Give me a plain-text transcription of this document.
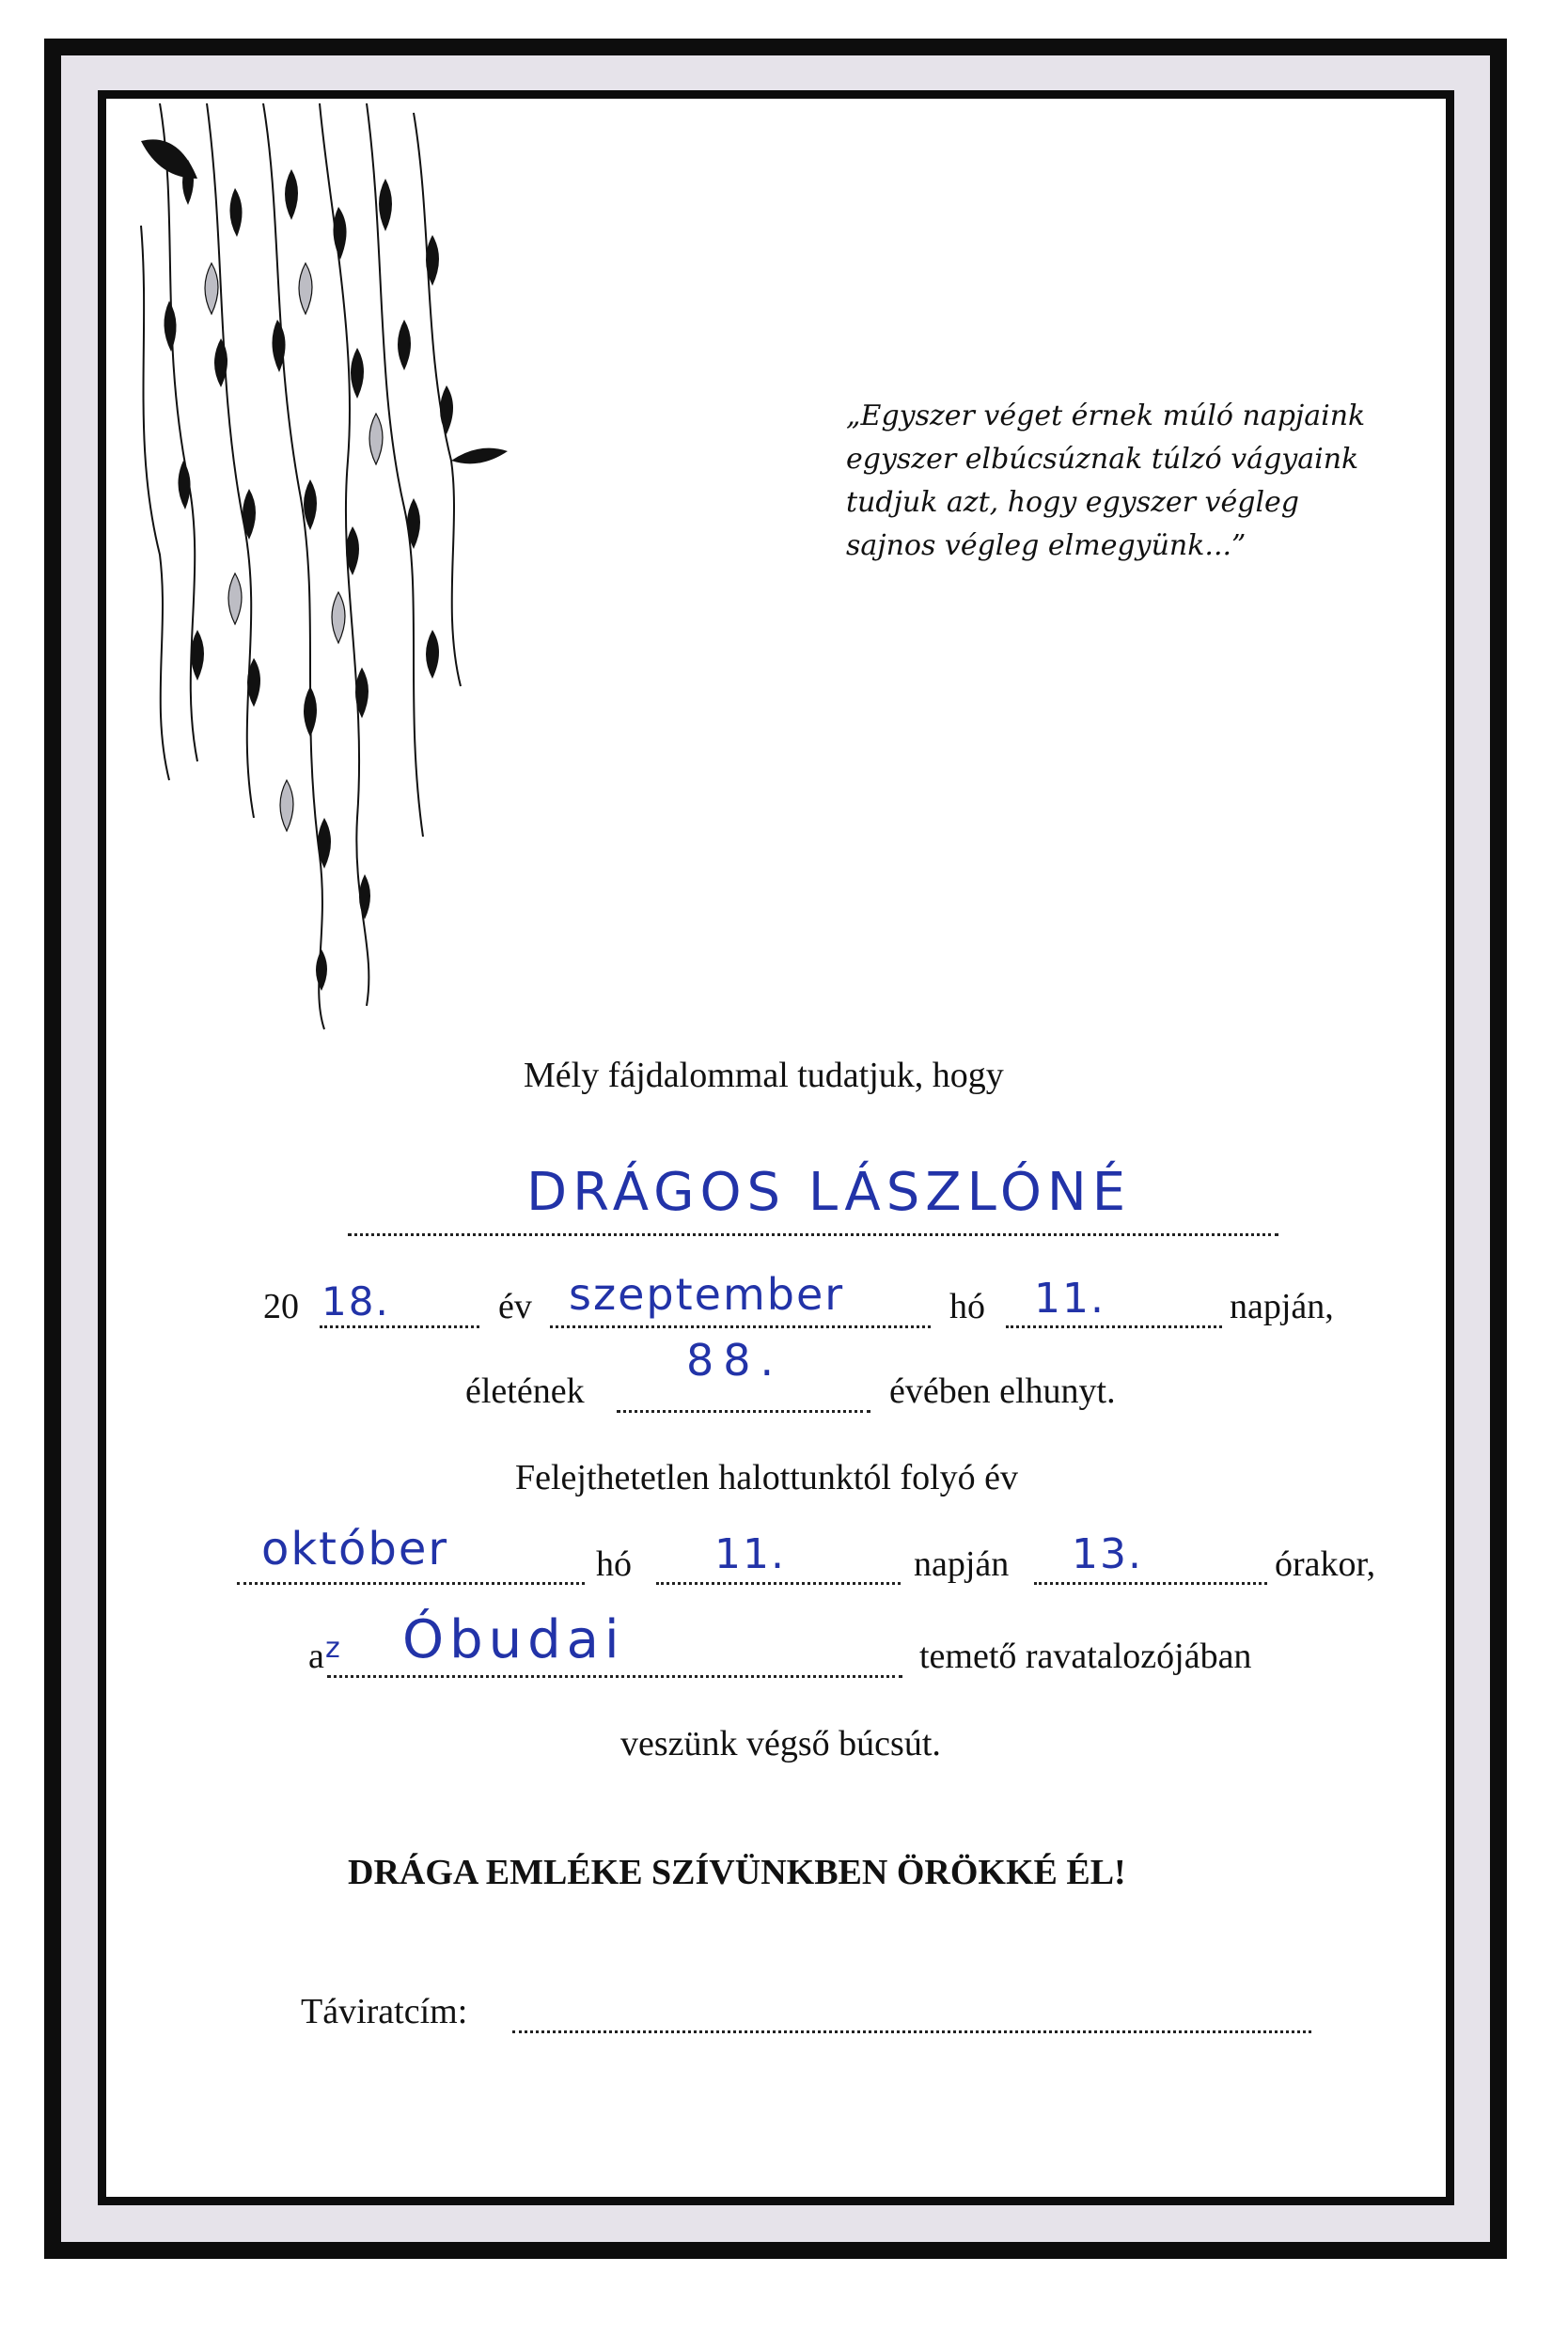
„Egyszer véget érnek múló napjaink
egyszer elbúcsúznak túlzó vágyaink
tudjuk azt, hogy egyszer végleg
sajnos végleg elmegyünk...”
Mély fájdalommal tudatjuk, hogy
DRÁGOS LÁSZLÓNÉ
20 18.	év szeptember	hó 11.	napján,
életének
88.
évében elhunyt.
Felejthetetlen halottunktól folyó év
október	hó 11.	napján 13.	órakor,
a z Óbudai	temető ravatalozójában
veszünk végső búcsút.
DRÁGA EMLÉKE SZÍVÜNKBEN ÖRÖKKÉ ÉL!
Táviratcím:
